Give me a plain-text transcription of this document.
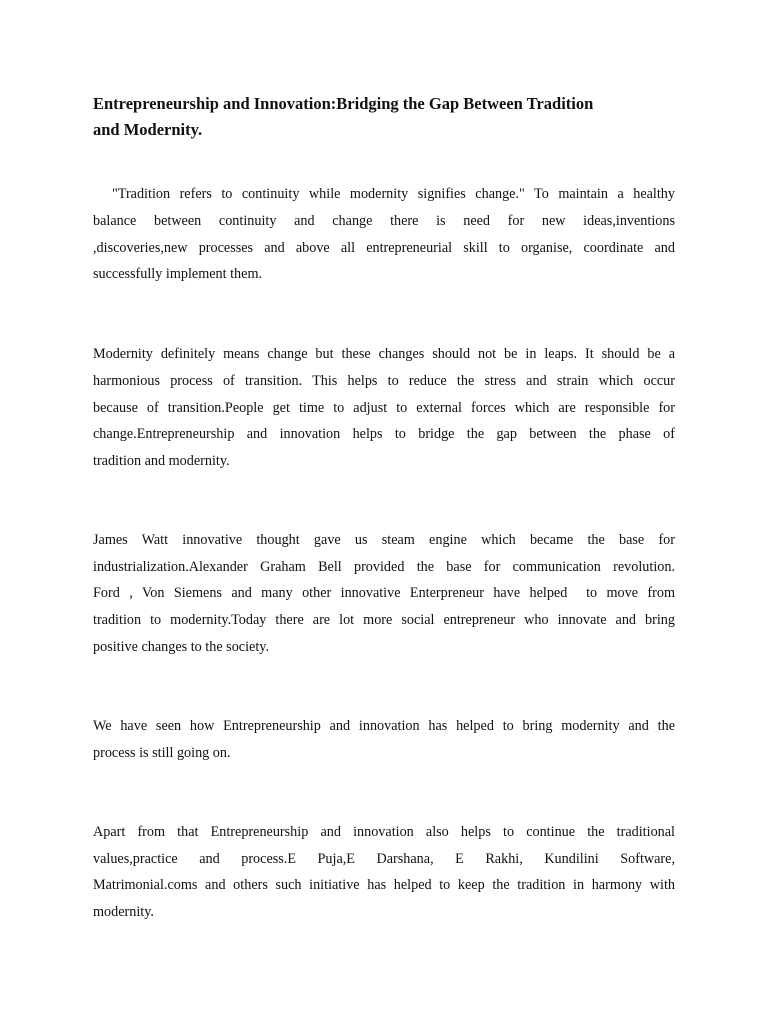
Entrepreneurship and Innovation:Bridging the Gap Between Tradition
and Modernity.
"Tradition refers to continuity while modernity signifies change." To maintain a healthy
balance between continuity and change there is need for new ideas,inventions
,discoveries,new processes and above all entrepreneurial skill to organise, coordinate and
successfully implement them.
Modernity definitely means change but these changes should not be in leaps. It should be a
harmonious process of transition. This helps to reduce the stress and strain which occur
because of transition.People get time to adjust to external forces which are responsible for
change.Entrepreneurship and innovation helps to bridge the gap between the phase of
tradition and modernity.
James Watt innovative thought gave us steam engine which became the base for
industrialization.Alexander Graham Bell provided the base for communication revolution.
Ford , Von Siemens and many other innovative Enterpreneur have helped  to move from
tradition to modernity.Today there are lot more social entrepreneur who innovate and bring
positive changes to the society.
We have seen how Entrepreneurship and innovation has helped to bring modernity and the
process is still going on.
Apart from that Entrepreneurship and innovation also helps to continue the traditional
values,practice and process.E Puja,E Darshana, E Rakhi, Kundilini Software,
Matrimonial.coms and others such initiative has helped to keep the tradition in harmony with
modernity.
